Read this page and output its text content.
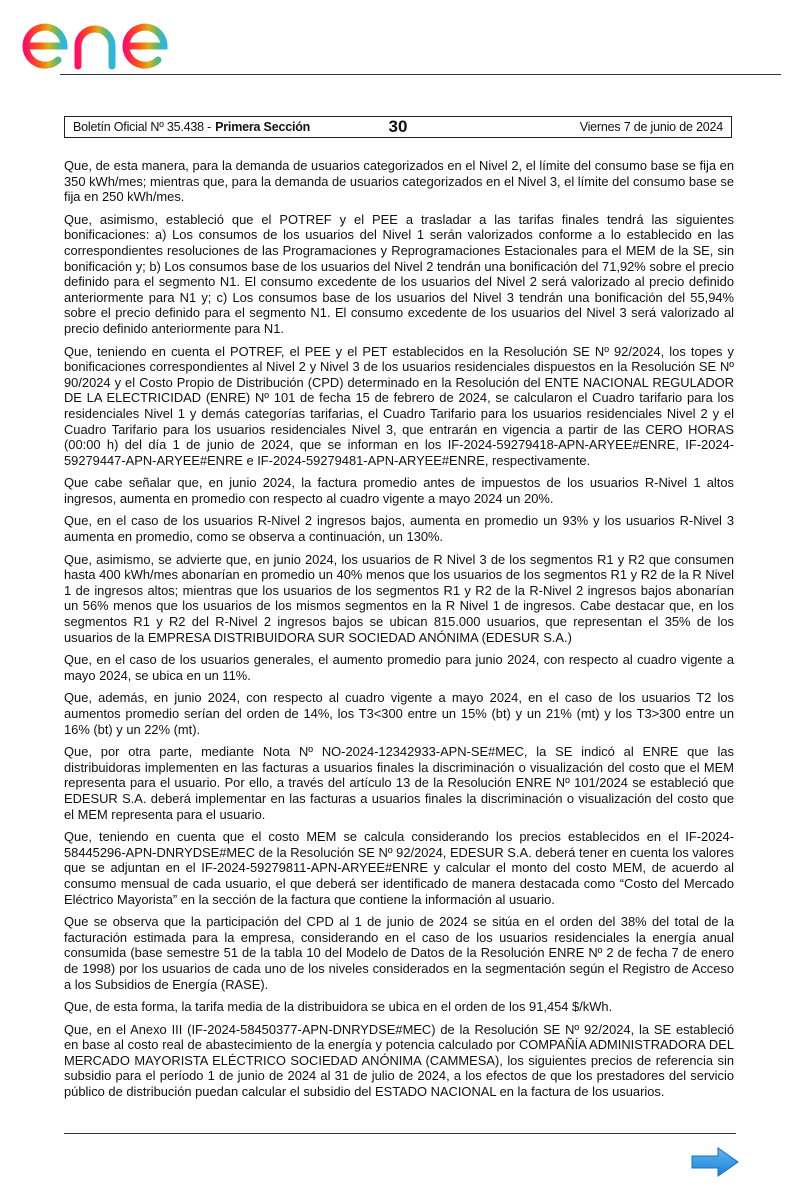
Boletín Oficial Nº 35.438 - Primera Sección	30	Viernes 7 de junio de 2024

Que, de esta manera, para la demanda de usuarios categorizados en el Nivel 2, el límite del consumo base se fija en 350 kWh/mes; mientras que, para la demanda de usuarios categorizados en el Nivel 3, el límite del consumo base se fija en 250 kWh/mes.

Que, asimismo, estableció que el POTREF y el PEE a trasladar a las tarifas finales tendrá las siguientes bonificaciones: a) Los consumos de los usuarios del Nivel 1 serán valorizados conforme a lo establecido en las correspondientes resoluciones de las Programaciones y Reprogramaciones Estacionales para el MEM de la SE, sin bonificación y; b) Los consumos base de los usuarios del Nivel 2 tendrán una bonificación del 71,92% sobre el precio definido para el segmento N1. El consumo excedente de los usuarios del Nivel 2 será valorizado al precio definido anteriormente para N1 y; c) Los consumos base de los usuarios del Nivel 3 tendrán una bonificación del 55,94% sobre el precio definido para el segmento N1. El consumo excedente de los usuarios del Nivel 3 será valorizado al precio definido anteriormente para N1.

Que, teniendo en cuenta el POTREF, el PEE y el PET establecidos en la Resolución SE Nº 92/2024, los topes y bonificaciones correspondientes al Nivel 2 y Nivel 3 de los usuarios residenciales dispuestos en la Resolución SE Nº 90/2024 y el Costo Propio de Distribución (CPD) determinado en la Resolución del ENTE NACIONAL REGULADOR DE LA ELECTRICIDAD (ENRE) Nº 101 de fecha 15 de febrero de 2024, se calcularon el Cuadro tarifario para los residenciales Nivel 1 y demás categorías tarifarias, el Cuadro Tarifario para los usuarios residenciales Nivel 2 y el Cuadro Tarifario para los usuarios residenciales Nivel 3, que entrarán en vigencia a partir de las CERO HORAS (00:00 h) del día 1 de junio de 2024, que se informan en los IF-2024-59279418-APN-ARYEE#ENRE, IF-2024-59279447-APN-ARYEE#ENRE e IF-2024-59279481-APN-ARYEE#ENRE, respectivamente.

Que cabe señalar que, en junio 2024, la factura promedio antes de impuestos de los usuarios R-Nivel 1 altos ingresos, aumenta en promedio con respecto al cuadro vigente a mayo 2024 un 20%.

Que, en el caso de los usuarios R-Nivel 2 ingresos bajos, aumenta en promedio un 93% y los usuarios R-Nivel 3 aumenta en promedio, como se observa a continuación, un 130%.

Que, asimismo, se advierte que, en junio 2024, los usuarios de R Nivel 3 de los segmentos R1 y R2 que consumen hasta 400 kWh/mes abonarían en promedio un 40% menos que los usuarios de los segmentos R1 y R2 de la R Nivel 1 de ingresos altos; mientras que los usuarios de los segmentos R1 y R2 de la R-Nivel 2 ingresos bajos abonarían un 56% menos que los usuarios de los mismos segmentos en la R Nivel 1 de ingresos. Cabe destacar que, en los segmentos R1 y R2 del R-Nivel 2 ingresos bajos se ubican 815.000 usuarios, que representan el 35% de los usuarios de la EMPRESA DISTRIBUIDORA SUR SOCIEDAD ANÓNIMA (EDESUR S.A.)

Que, en el caso de los usuarios generales, el aumento promedio para junio 2024, con respecto al cuadro vigente a mayo 2024, se ubica en un 11%.

Que, además, en junio 2024, con respecto al cuadro vigente a mayo 2024, en el caso de los usuarios T2 los aumentos promedio serían del orden de 14%, los T3<300 entre un 15% (bt) y un 21% (mt) y los T3>300 entre un 16% (bt) y un 22% (mt).

Que, por otra parte, mediante Nota Nº NO-2024-12342933-APN-SE#MEC, la SE indicó al ENRE que las distribuidoras implementen en las facturas a usuarios finales la discriminación o visualización del costo que el MEM representa para el usuario. Por ello, a través del artículo 13 de la Resolución ENRE Nº 101/2024 se estableció que EDESUR S.A. deberá implementar en las facturas a usuarios finales la discriminación o visualización del costo que el MEM representa para el usuario.

Que, teniendo en cuenta que el costo MEM se calcula considerando los precios establecidos en el IF-2024-58445296-APN-DNRYDSE#MEC de la Resolución SE Nº 92/2024, EDESUR S.A. deberá tener en cuenta los valores que se adjuntan en el IF-2024-59279811-APN-ARYEE#ENRE y calcular el monto del costo MEM, de acuerdo al consumo mensual de cada usuario, el que deberá ser identificado de manera destacada como “Costo del Mercado Eléctrico Mayorista” en la sección de la factura que contiene la información al usuario.

Que se observa que la participación del CPD al 1 de junio de 2024 se sitúa en el orden del 38% del total de la facturación estimada para la empresa, considerando en el caso de los usuarios residenciales la energía anual consumida (base semestre 51 de la tabla 10 del Modelo de Datos de la Resolución ENRE Nº 2 de fecha 7 de enero de 1998) por los usuarios de cada uno de los niveles considerados en la segmentación según el Registro de Acceso a los Subsidios de Energía (RASE).

Que, de esta forma, la tarifa media de la distribuidora se ubica en el orden de los 91,454 $/kWh.

Que, en el Anexo III (IF-2024-58450377-APN-DNRYDSE#MEC) de la Resolución SE Nº 92/2024, la SE estableció en base al costo real de abastecimiento de la energía y potencia calculado por COMPAÑÍA ADMINISTRADORA DEL MERCADO MAYORISTA ELÉCTRICO SOCIEDAD ANÓNIMA (CAMMESA), los siguientes precios de referencia sin subsidio para el período 1 de junio de 2024 al 31 de julio de 2024, a los efectos de que los prestadores del servicio público de distribución puedan calcular el subsidio del ESTADO NACIONAL en la factura de los usuarios.
